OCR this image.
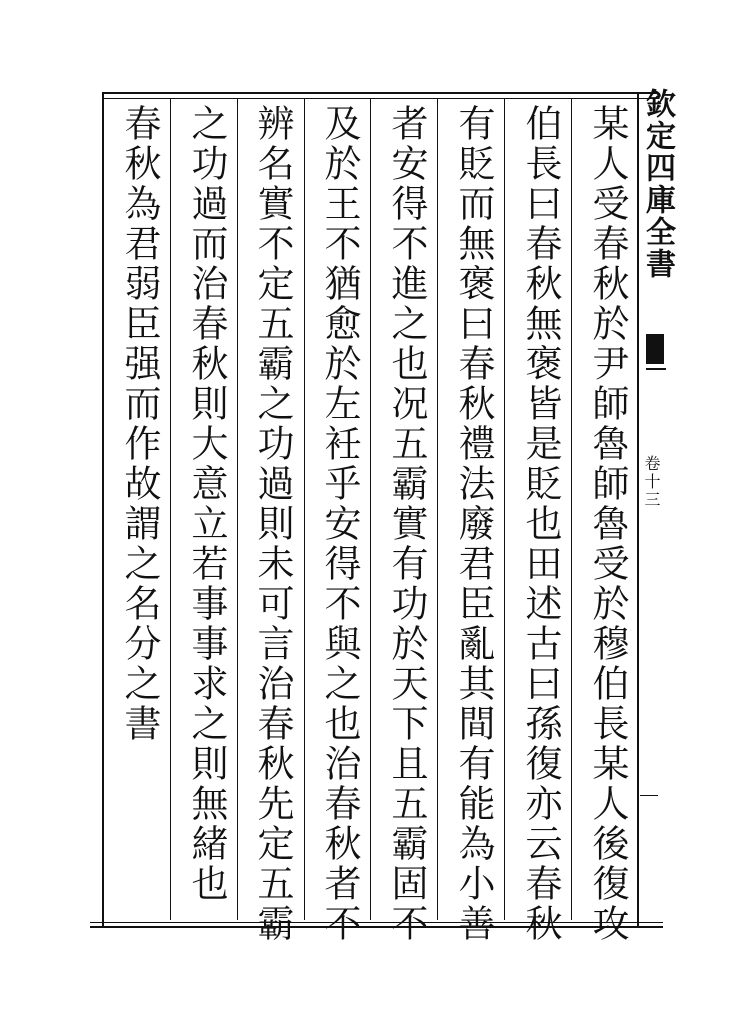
欽定四庫全書
卷十三
某人受春秋於尹師魯師魯受於穆伯長某人後復攻
伯長曰春秋無褒皆是貶也田述古曰孫復亦云春秋
有貶而無褒曰春秋禮法廢君臣亂其間有能為小善
者安得不進之也况五霸實有功於天下且五霸固不
及於王不猶愈於左衽乎安得不與之也治春秋者不
辨名實不定五霸之功過則未可言治春秋先定五霸
之功過而治春秋則大意立若事事求之則無緒也
春秋為君弱臣强而作故謂之名分之書
